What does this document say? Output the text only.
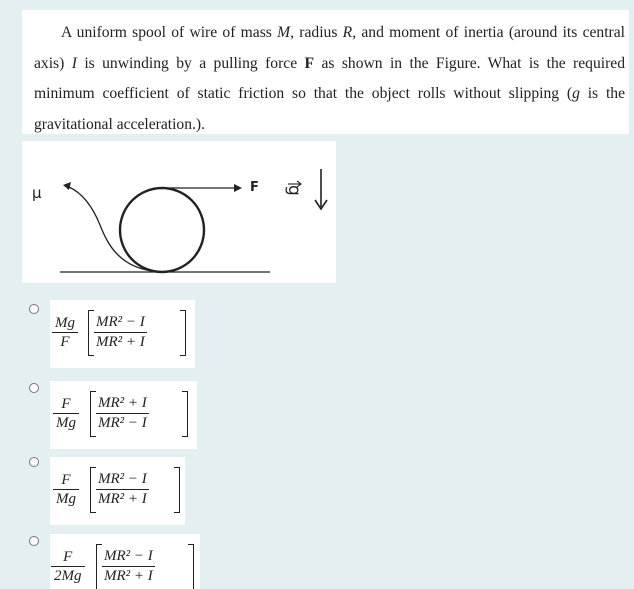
A uniform spool of wire of mass M, radius R, and moment of inertia (around its central axis) I is unwinding by a pulling force F as shown in the Figure. What is the required minimum coefficient of static friction so that the object rolls without slipping (g is the gravitational acceleration.).
μ	F g
$\frac{Mg}{F} \frac{\text{MR² − I}}{\text{MR² + I}}$
$\frac{F}{Mg} \frac{\text{MR² + I}}{\text{MR² − I}}$
$\frac{F}{Mg} \frac{\text{MR² − I}}{\text{MR² + I}}$
$\frac{F}{2Mg} \frac{\text{MR² − I}}{\text{MR² + I}}$
